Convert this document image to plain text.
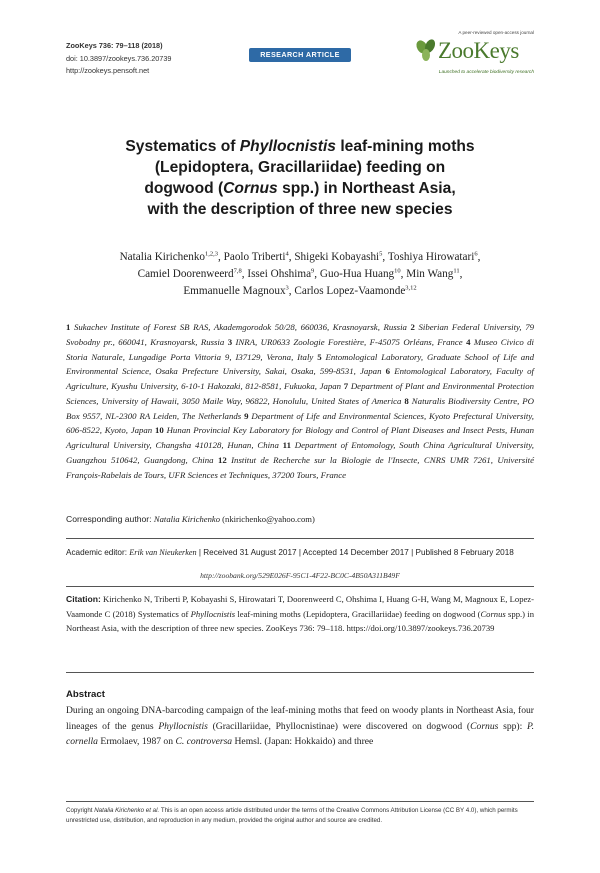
ZooKeys 736: 79–118 (2018)
doi: 10.3897/zookeys.736.20739
http://zookeys.pensoft.net
RESEARCH ARTICLE
A peer-reviewed open-access journal
ZooKeys
Launched to accelerate biodiversity research

Systematics of Phyllocnistis leaf-mining moths

(Lepidoptera, Gracillariidae) feeding on

dogwood (Cornus spp.) in Northeast Asia,

with the description of three new species

Natalia Kirichenko$^{1,2,3}$, Paolo Triberti$^4$, Shigeki Kobayashi$^5$, Toshiya Hirowatari$^6$,

Camiel Doorenweerd$^{7,8}$, Issei Ohshima$^9$, Guo-Hua Huang$^{10}$, Min Wang$^{11}$,

Emmanuelle Magnoux$^3$, Carlos Lopez-Vaamonde$^{3,12}$

1 Sukachev Institute of Forest SB RAS, Akademgorodok 50/28, 660036, Krasnoyarsk, Russia 2 Siberian Federal University, 79 Svobodny pr., 660041, Krasnoyarsk, Russia 3 INRA, UR0633 Zoologie Forestière, F-45075 Orléans, France 4 Museo Civico di Storia Naturale, Lungadige Porta Vittoria 9, I37129, Verona, Italy 5 Entomological Laboratory, Graduate School of Life and Environmental Science, Osaka Prefecture University, Sakai, Osaka, 599-8531, Japan 6 Entomological Laboratory, Faculty of Agriculture, Kyushu University, 6-10-1 Hakozaki, 812-8581, Fukuoka, Japan 7 Department of Plant and Environmental Protection Sciences, University of Hawaii, 3050 Maile Way, 96822, Honolulu, United States of America 8 Naturalis Biodiversity Centre, PO Box 9557, NL-2300 RA Leiden, The Netherlands 9 Department of Life and Environmental Sciences, Kyoto Prefectural University, 606-8522, Kyoto, Japan 10 Hunan Provincial Key Laboratory for Biology and Control of Plant Diseases and Insect Pests, Hunan Agricultural University, Changsha 410128, Hunan, China 11 Department of Entomology, South China Agricultural University, Guangzhou 510642, Guangdong, China 12 Institut de Recherche sur la Biologie de l'Insecte, CNRS UMR 7261, Université François-Rabelais de Tours, UFR Sciences et Techniques, 37200 Tours, France

Corresponding author: Natalia Kirichenko (nkirichenko@yahoo.com)
Academic editor: Erik van Nieukerken | Received 31 August 2017 | Accepted 14 December 2017 | Published 8 February 2018
http://zoobank.org/529E026F-95C1-4F22-BC0C-4B50A311B49F

Citation: Kirichenko N, Triberti P, Kobayashi S, Hirowatari T, Doorenweerd C, Ohshima I, Huang G-H, Wang M, Magnoux E, Lopez-Vaamonde C (2018) Systematics of Phyllocnistis leaf-mining moths (Lepidoptera, Gracillariidae) feeding on dogwood (Cornus spp.) in Northeast Asia, with the description of three new species. ZooKeys 736: 79–118. https://doi.org/10.3897/zookeys.736.20739

Abstract

During an ongoing DNA-barcoding campaign of the leaf-mining moths that feed on woody plants in Northeast Asia, four lineages of the genus Phyllocnistis (Gracillariidae, Phyllocnistinae) were discovered on dogwood (Cornus spp): P. cornella Ermolaev, 1987 on C. controversa Hemsl. (Japan: Hokkaido) and three

Copyright Natalia Kirichenko et al. This is an open access article distributed under the terms of the Creative Commons Attribution License (CC BY 4.0), which permits unrestricted use, distribution, and reproduction in any medium, provided the original author and source are credited.
